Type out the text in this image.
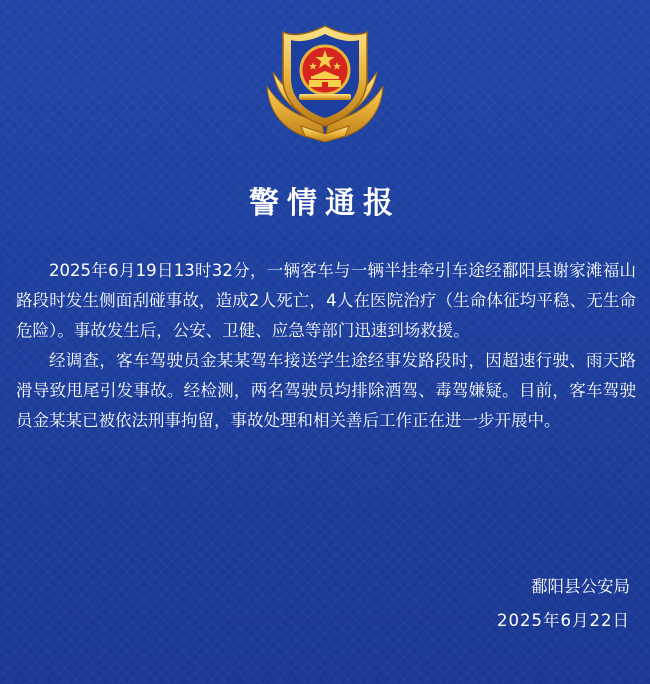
警情通报

2025年6月19日13时32分，一辆客车与一辆半挂牵引车途经鄱阳县谢家滩福山路段时发生侧面刮碰事故，造成2人死亡，4人在医院治疗（生命体征均平稳、无生命危险）。事故发生后，公安、卫健、应急等部门迅速到场救援。

经调查，客车驾驶员金某某驾车接送学生途经事发路段时，因超速行驶、雨天路滑导致甩尾引发事故。经检测，两名驾驶员均排除酒驾、毒驾嫌疑。目前，客车驾驶员金某某已被依法刑事拘留，事故处理和相关善后工作正在进一步开展中。

鄱阳县公安局
2025年6月22日
